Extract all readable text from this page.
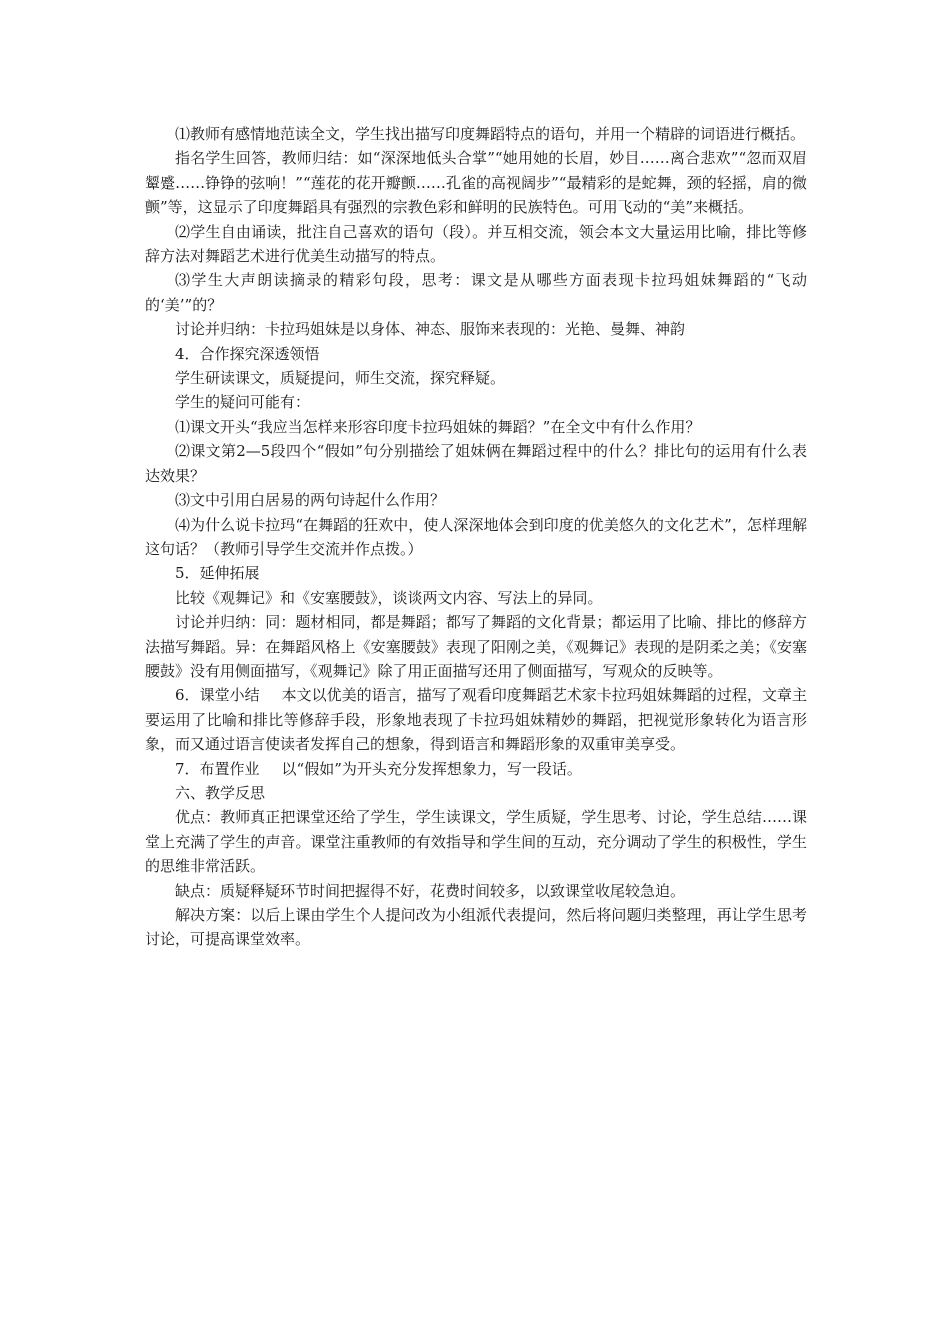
⑴教师有感情地范读全文，学生找出描写印度舞蹈特点的语句，并用一个精辟的词语进行概括。

指名学生回答，教师归结：如“深深地低头合掌”“她用她的长眉，妙目……离合悲欢”“忽而双眉颦蹙……铮铮的弦响！”“莲花的花开瓣颤……孔雀的高视阔步”“最精彩的是蛇舞，颈的轻摇，肩的微颤”等，这显示了印度舞蹈具有强烈的宗教色彩和鲜明的民族特色。可用飞动的“美”来概括。

⑵学生自由诵读，批注自己喜欢的语句（段）。并互相交流，领会本文大量运用比喻，排比等修辞方法对舞蹈艺术进行优美生动描写的特点。

⑶学生大声朗读摘录的精彩句段，思考：课文是从哪些方面表现卡拉玛姐妹舞蹈的“飞动的‘美’”的？

讨论并归纳：卡拉玛姐妹是以身体、神态、服饰来表现的：光艳、曼舞、神韵

4．合作探究深透领悟

学生研读课文，质疑提问，师生交流，探究释疑。

学生的疑问可能有：

⑴课文开头“我应当怎样来形容印度卡拉玛姐妹的舞蹈？”在全文中有什么作用？

⑵课文第2—5段四个“假如”句分别描绘了姐妹俩在舞蹈过程中的什么？排比句的运用有什么表达效果？

⑶文中引用白居易的两句诗起什么作用？

⑷为什么说卡拉玛“在舞蹈的狂欢中，使人深深地体会到印度的优美悠久的文化艺术”，怎样理解这句话？（教师引导学生交流并作点拨。）

5．延伸拓展

比较《观舞记》和《安塞腰鼓》，谈谈两文内容、写法上的异同。

讨论并归纳：同：题材相同，都是舞蹈；都写了舞蹈的文化背景；都运用了比喻、排比的修辞方法描写舞蹈。异：在舞蹈风格上《安塞腰鼓》表现了阳刚之美，《观舞记》表现的是阴柔之美；《安塞腰鼓》没有用侧面描写，《观舞记》除了用正面描写还用了侧面描写，写观众的反映等。

6．课堂小结 本文以优美的语言，描写了观看印度舞蹈艺术家卡拉玛姐妹舞蹈的过程，文章主要运用了比喻和排比等修辞手段，形象地表现了卡拉玛姐妹精妙的舞蹈，把视觉形象转化为语言形象，而又通过语言使读者发挥自己的想象，得到语言和舞蹈形象的双重审美享受。

7．布置作业 以“假如”为开头充分发挥想象力，写一段话。

六、教学反思

优点：教师真正把课堂还给了学生，学生读课文，学生质疑，学生思考、讨论，学生总结……课堂上充满了学生的声音。课堂注重教师的有效指导和学生间的互动，充分调动了学生的积极性，学生的思维非常活跃。

缺点：质疑释疑环节时间把握得不好，花费时间较多，以致课堂收尾较急迫。

解决方案：以后上课由学生个人提问改为小组派代表提问，然后将问题归类整理，再让学生思考讨论，可提高课堂效率。
